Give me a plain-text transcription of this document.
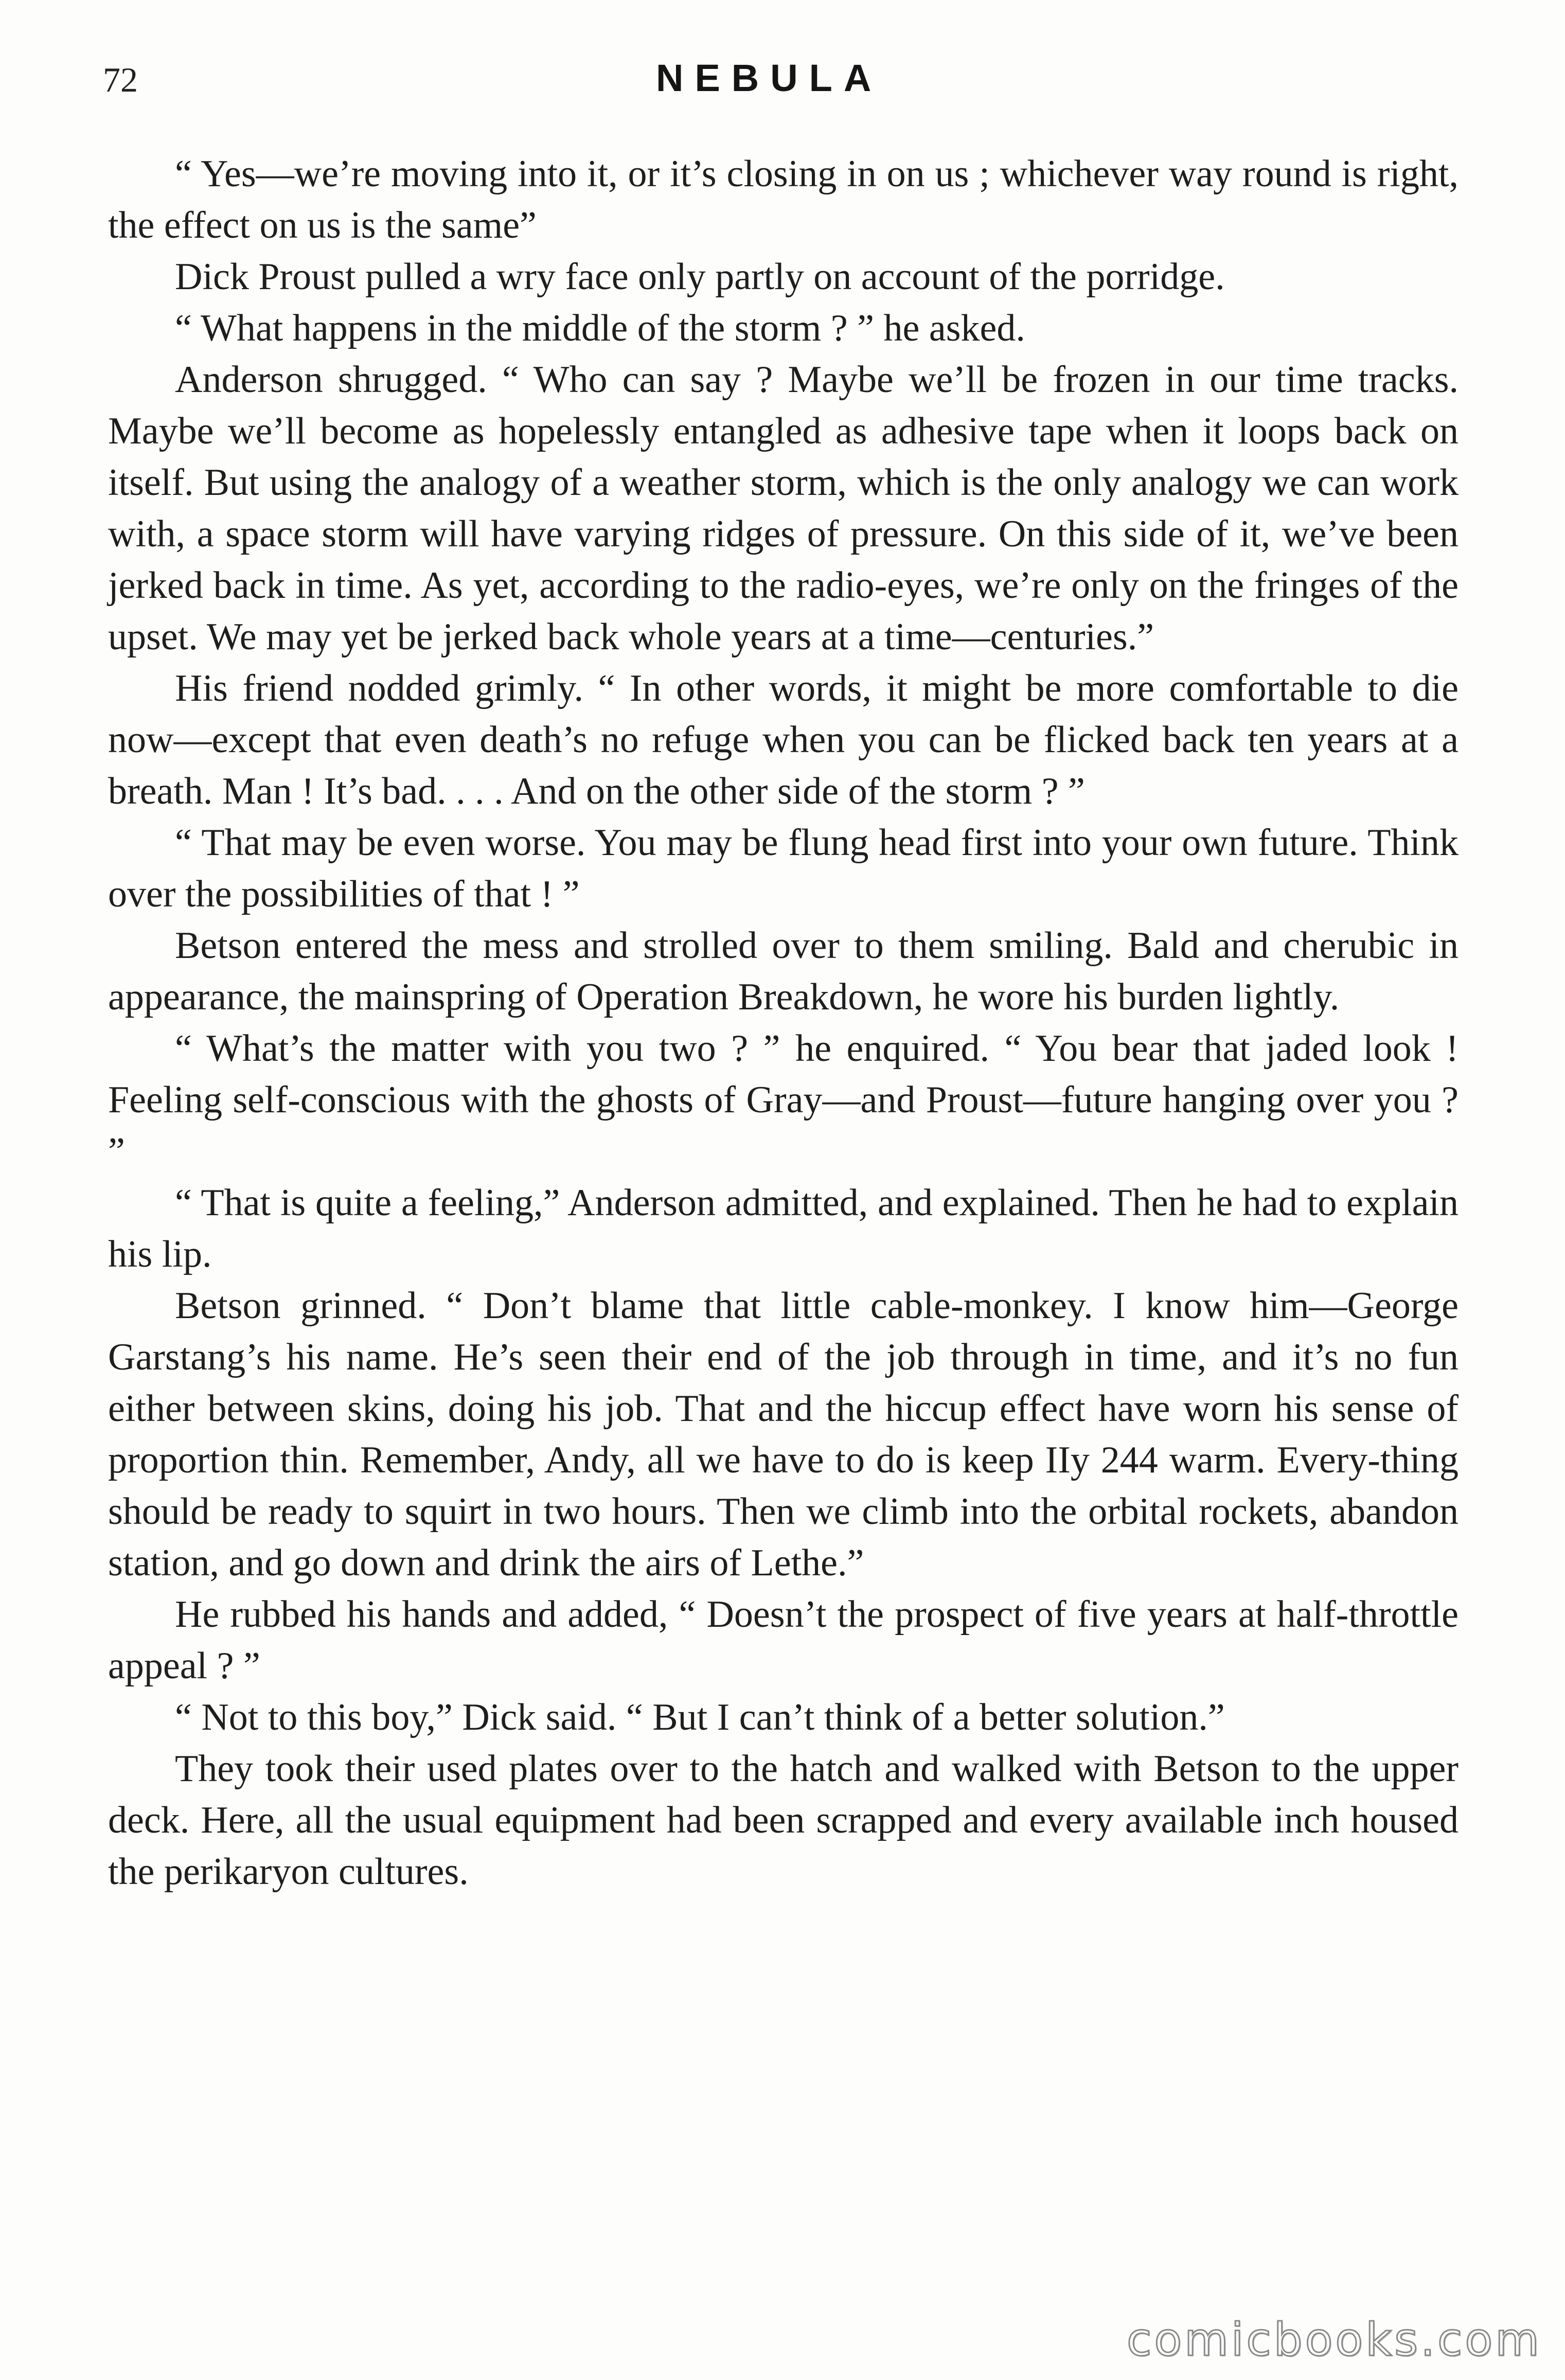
72	NEBULA

“ Yes—we’re moving into it, or it’s closing in on us ; whichever way round is right, the effect on us is the same”

Dick Proust pulled a wry face only partly on account of the porridge.

“ What happens in the middle of the storm ? ” he asked.

Anderson shrugged. “ Who can say ? Maybe we’ll be frozen in our time tracks. Maybe we’ll become as hopelessly entangled as adhesive tape when it loops back on itself. But using the analogy of a weather storm, which is the only analogy we can work with, a space storm will have varying ridges of pressure. On this side of it, we’ve been jerked back in time. As yet, according to the radio-eyes, we’re only on the fringes of the upset. We may yet be jerked back whole years at a time—centuries.”

His friend nodded grimly. “ In other words, it might be more comfortable to die now—except that even death’s no refuge when you can be flicked back ten years at a breath. Man ! It’s bad. . . . And on the other side of the storm ? ”

“ That may be even worse. You may be flung head first into your own future. Think over the possibilities of that ! ”

Betson entered the mess and strolled over to them smiling. Bald and cherubic in appearance, the mainspring of Operation Breakdown, he wore his burden lightly.

“ What’s the matter with you two ? ” he enquired. “ You bear that jaded look ! Feeling self-conscious with the ghosts of Gray—and Proust—future hanging over you ? ”

“ That is quite a feeling,” Anderson admitted, and explained. Then he had to explain his lip.

Betson grinned. “ Don’t blame that little cable-monkey. I know him—George Garstang’s his name. He’s seen their end of the job through in time, and it’s no fun either between skins, doing his job. That and the hiccup effect have worn his sense of proportion thin. Remember, Andy, all we have to do is keep IIy 244 warm. Every-thing should be ready to squirt in two hours. Then we climb into the orbital rockets, abandon station, and go down and drink the airs of Lethe.”

He rubbed his hands and added, “ Doesn’t the prospect of five years at half-throttle appeal ? ”

“ Not to this boy,” Dick said. “ But I can’t think of a better solution.”

They took their used plates over to the hatch and walked with Betson to the upper deck. Here, all the usual equipment had been scrapped and every available inch housed the perikaryon cultures.

comicbooks.com
